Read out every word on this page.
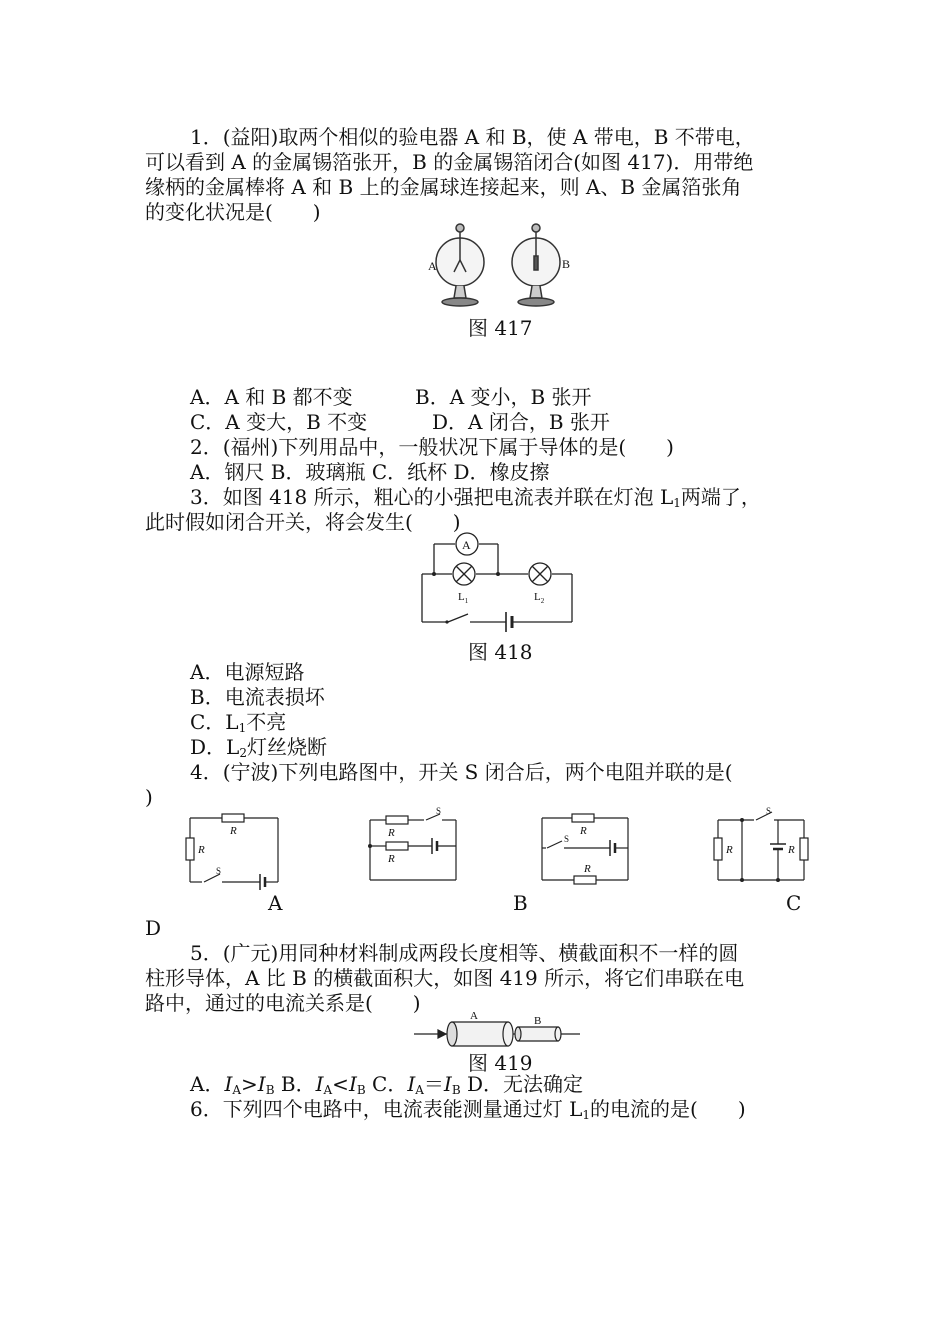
1．(益阳)取两个相似的验电器 A 和 B，使 A 带电，B 不带电，
可以看到 A 的金属锡箔张开，B 的金属锡箔闭合(如图 417)．用带绝
缘柄的金属棒将 A 和 B 上的金属球连接起来，则 A、B 金属箔张角
的变化状况是(　　)
A	B
图 417
A．A 和 B 都不变	B．A 变小，B 张开
C．A 变大，B 不变	D．A 闭合，B 张开
2．(福州)下列用品中，一般状况下属于导体的是(　　)
A．钢尺 B．玻璃瓶 C．纸杯 D．橡皮擦
3．如图 418 所示，粗心的小强把电流表并联在灯泡 $L_1$两端了，
此时假如闭合开关，将会发生(　　)
A
$L_1$	$L_2$
图 418
A．电源短路
B．电流表损坏
C．$L_1$不亮
D．$L_2$灯丝烧断
4．(宁波)下列电路图中，开关 S 闭合后，两个电阻并联的是(
)
R
R
S
R
R
S
R
S
R
R	R
S
A	B	C
D
5．(广元)用同种材料制成两段长度相等、横截面积不一样的圆
柱形导体，A 比 B 的横截面积大，如图 419 所示，将它们串联在电
路中，通过的电流关系是(　　)
A	B
图 419
A．$I_A>I_B$ B．$I_A<I_B$ C．$I_A=I_B$ D．无法确定
6．下列四个电路中，电流表能测量通过灯 $L_1$的电流的是(　　)
